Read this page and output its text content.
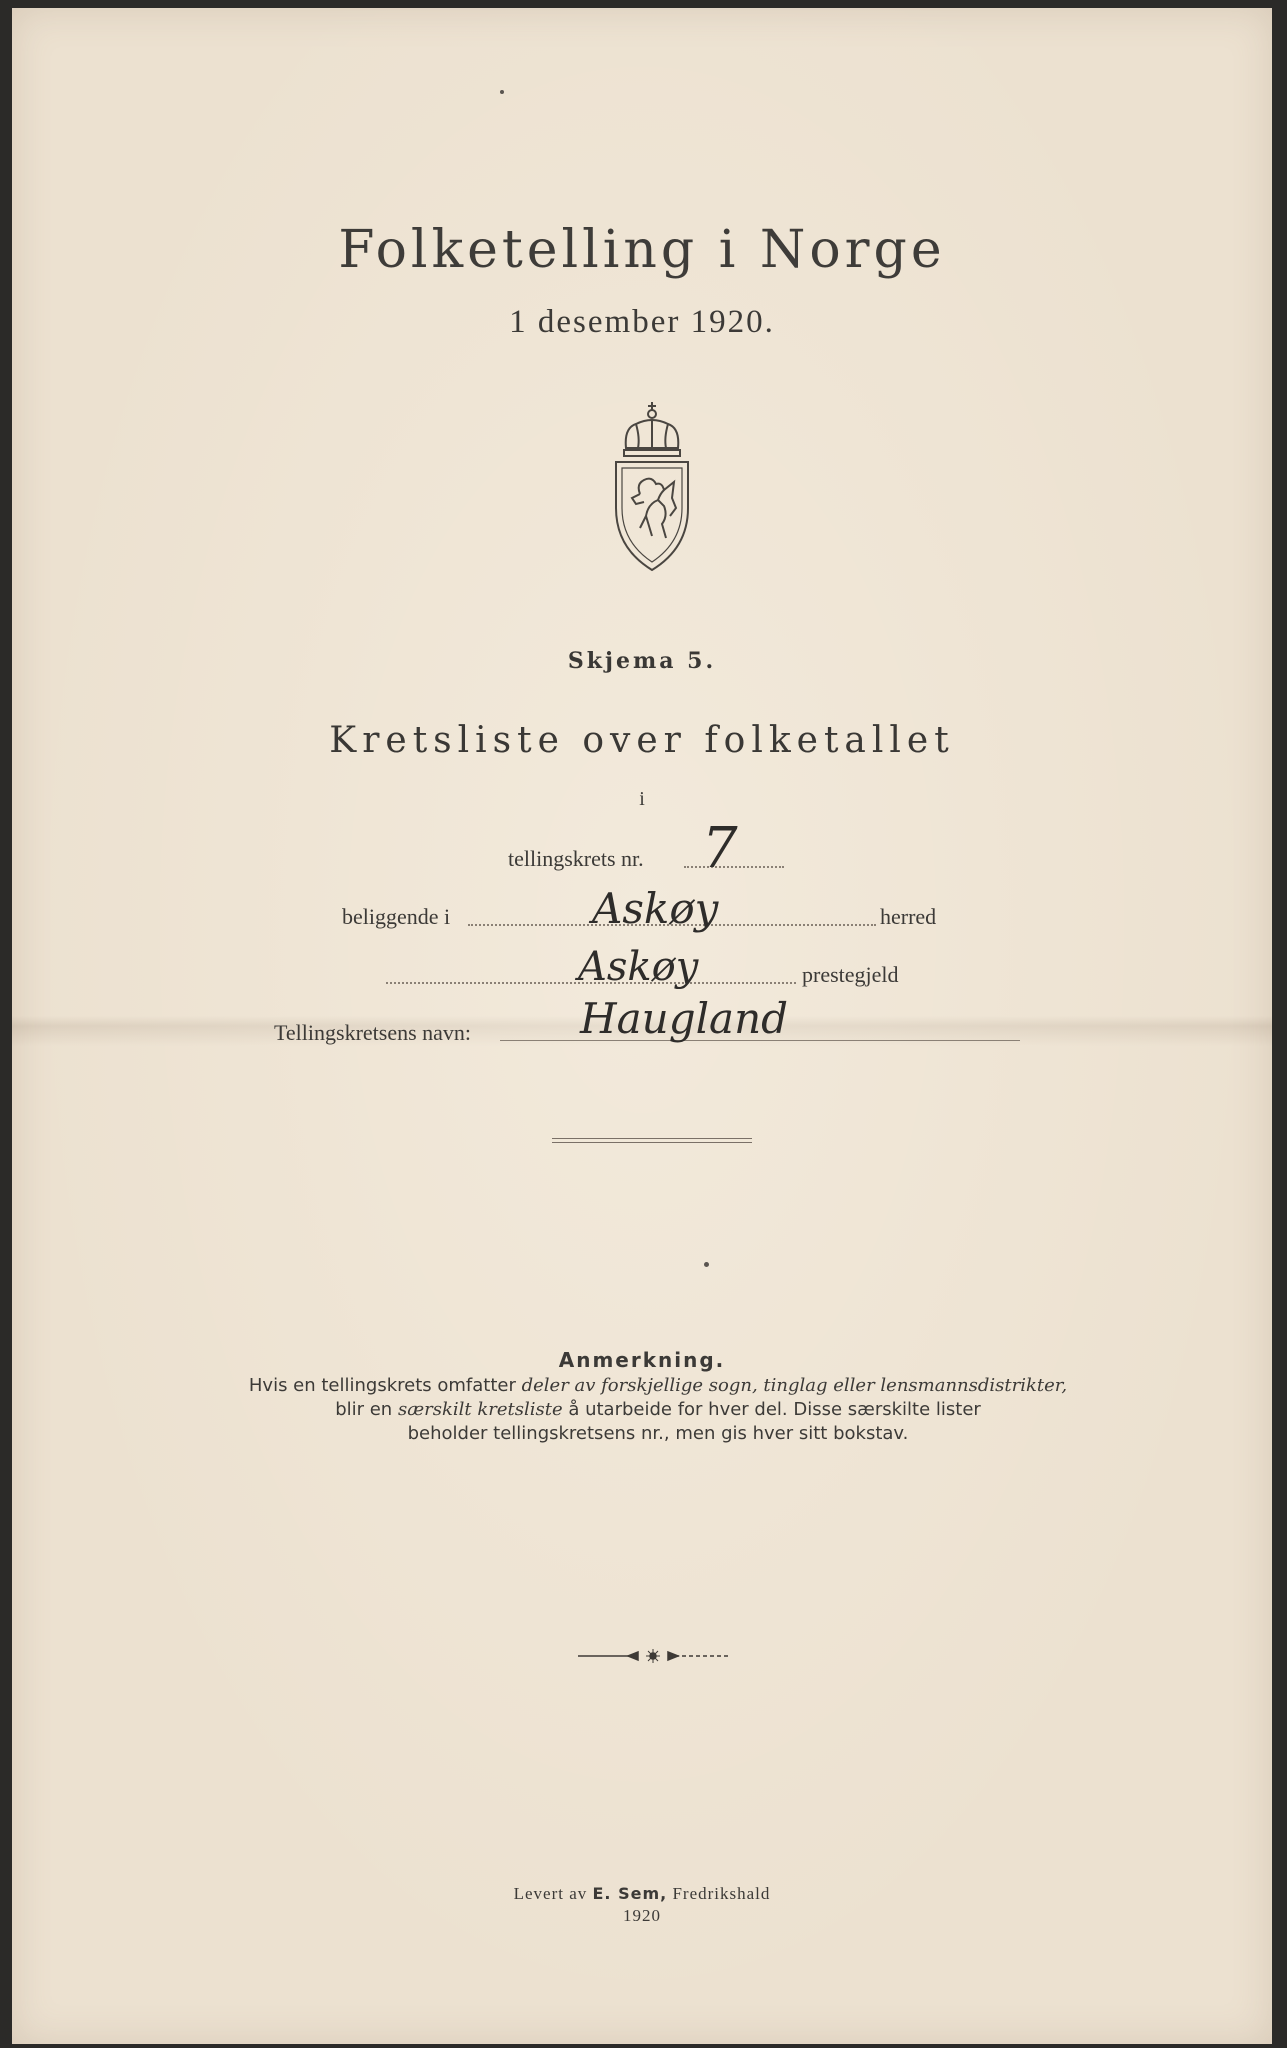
Folketelling i Norge
1 desember 1920.
Skjema 5.
Kretsliste over folketallet
i
tellingskrets nr. 7
beliggende i	Askøy	herred
Askøy	prestegjeld
Tellingskretsens navn:	Haugland
Anmerkning.
Hvis en tellingskrets omfatter deler av forskjellige sogn, tinglag eller lensmannsdistrikter,
blir en særskilt kretsliste å utarbeide for hver del. Disse særskilte lister
beholder tellingskretsens nr., men gis hver sitt bokstav.
Levert av E. Sem, Fredrikshald
1920
